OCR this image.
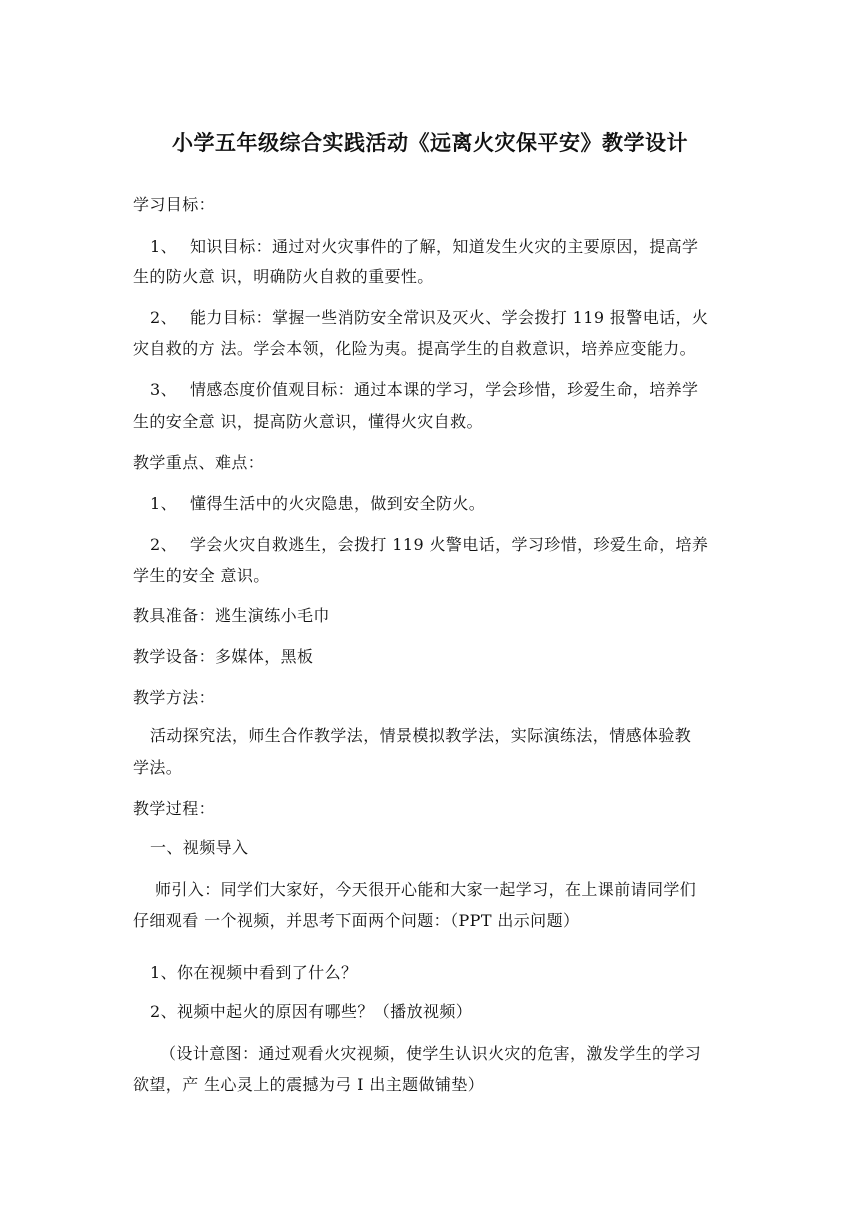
小学五年级综合实践活动《远离火灾保平安》教学设计
学习目标：
1、 知识目标：通过对火灾事件的了解，知道发生火灾的主要原因，提高学
生的防火意 识，明确防火自救的重要性。
2、 能力目标：掌握一些消防安全常识及灭火、学会拨打 119 报警电话，火
灾自救的方 法。学会本领，化险为夷。提高学生的自救意识，培养应变能力。
3、 情感态度价值观目标：通过本课的学习，学会珍惜，珍爱生命，培养学
生的安全意 识，提高防火意识，懂得火灾自救。
教学重点、难点：
1、 懂得生活中的火灾隐患，做到安全防火。
2、 学会火灾自救逃生，会拨打 119 火警电话，学习珍惜，珍爱生命，培养
学生的安全 意识。
教具准备：逃生演练小毛巾
教学设备：多媒体，黑板
教学方法：
活动探究法，师生合作教学法，情景模拟教学法，实际演练法，情感体验教
学法。
教学过程：
一、视频导入
师引入：同学们大家好，今天很开心能和大家一起学习，在上课前请同学们
仔细观看 一个视频，并思考下面两个问题：（PPT 出示问题）
1、你在视频中看到了什么？
2、视频中起火的原因有哪些？（播放视频）
（设计意图：通过观看火灾视频，使学生认识火灾的危害，激发学生的学习
欲望，产 生心灵上的震撼为弓 I 出主题做铺垫）
